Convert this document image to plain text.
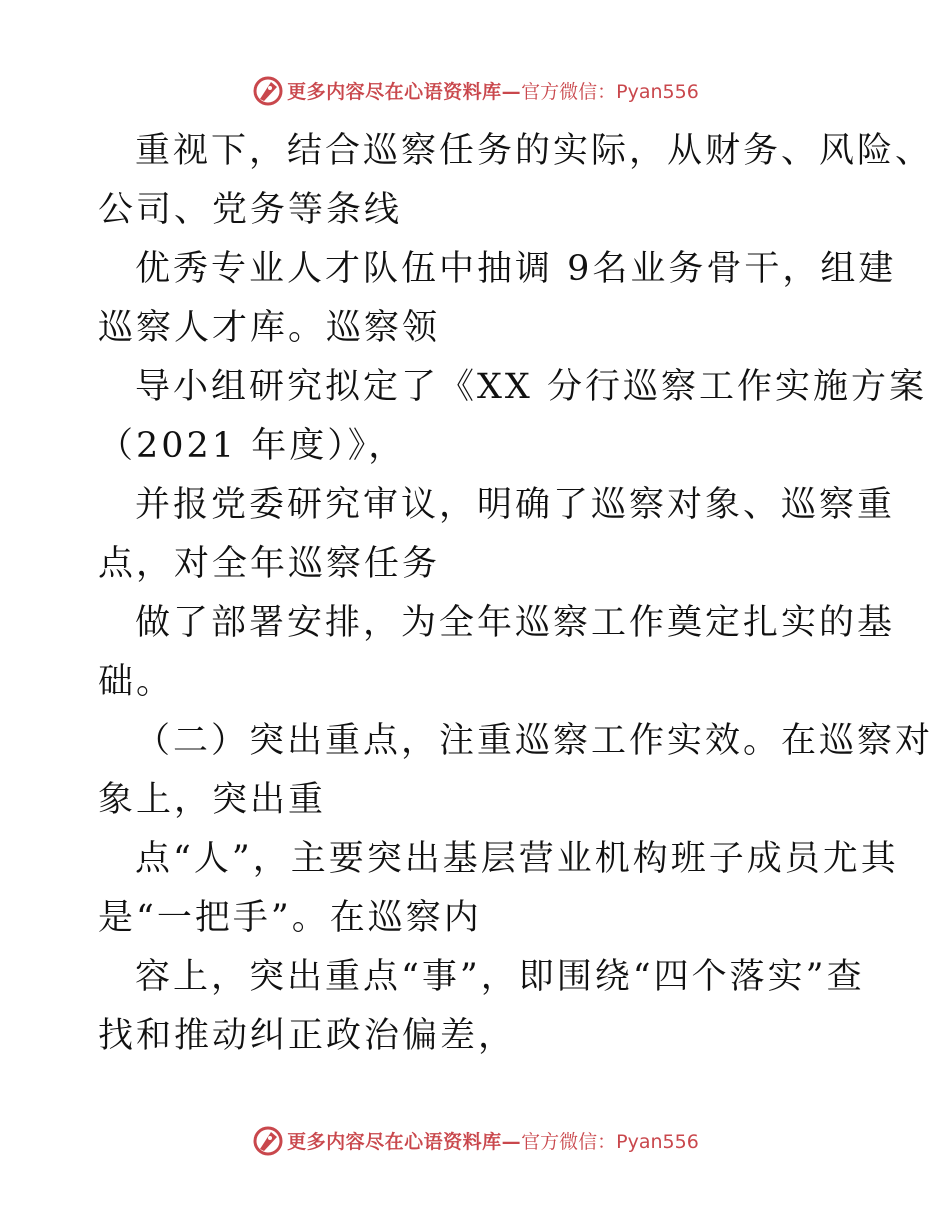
更多内容尽在心语资料库— 官方微信：Pyan556
重视下，结合巡察任务的实际，从财务、风险、
公司、党务等条线
优秀专业人才队伍中抽调 9名业务骨干，组建
巡察人才库。巡察领
导小组研究拟定了《XX 分行巡察工作实施方案
（2021 年度）》，
并报党委研究审议，明确了巡察对象、巡察重
点，对全年巡察任务
做了部署安排，为全年巡察工作奠定扎实的基
础。
（二）突出重点，注重巡察工作实效。在巡察对
象上，突出重
点“人”，主要突出基层营业机构班子成员尤其
是“一把手”。在巡察内
容上，突出重点“事”，即围绕“四个落实”查
找和推动纠正政治偏差，
更多内容尽在心语资料库— 官方微信：Pyan556
